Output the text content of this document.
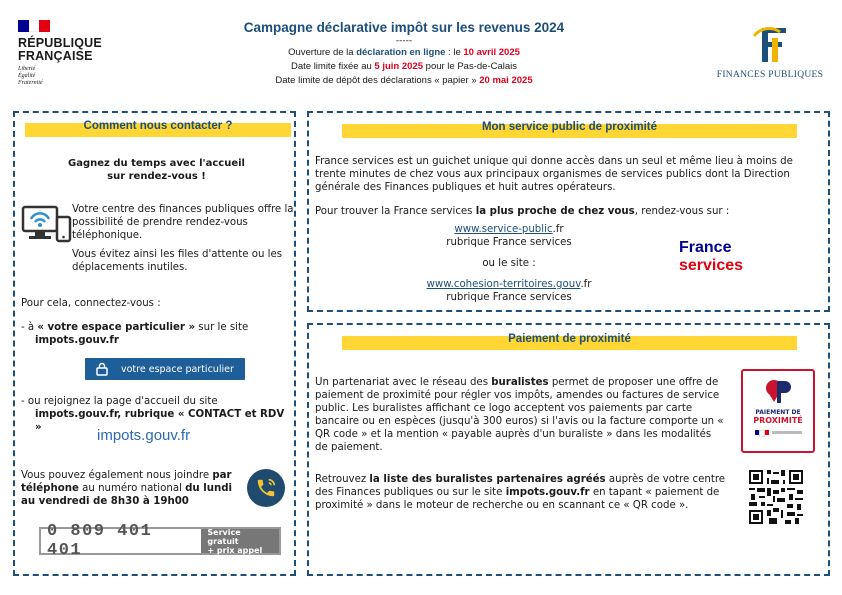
RÉPUBLIQUE
FRANÇAISE
Liberté
Égalité
Fraternité
Campagne déclarative impôt sur les revenus 2024
-----
Ouverture de la déclaration en ligne : le 10 avril 2025
Date limite fixée au 5 juin 2025 pour le Pas-de-Calais
Date limite de dépôt des déclarations « papier » 20 mai 2025	FINANCES PUBLIQUES
Comment nous contacter ?
Gagnez du temps avec l'accueil
sur rendez-vous !
Votre centre des finances publiques offre la possibilité de prendre rendez-vous téléphonique.
Vous évitez ainsi les files d'attente ou les déplacements inutiles.
Pour cela, connectez-vous :
- à « votre espace particulier » sur le site
impots.gouv.fr
votre espace particulier
- ou rejoignez la page d'accueil du site
impots.gouv.fr, rubrique « CONTACT et RDV »	impots.gouv.fr
Vous pouvez également nous joindre par téléphone au numéro national du lundi au vendredi de 8h30 à 19h00
0 809 401 401
Service gratuit
+ prix appel
Mon service public de proximité
France services est un guichet unique qui donne accès dans un seul et même lieu à moins de trente minutes de chez vous aux principaux organismes de services publics dont la Direction générale des Finances publiques et huit autres opérateurs.
Pour trouver la France services la plus proche de chez vous, rendez-vous sur :
www.service-public.fr
rubrique France services
ou le site :
www.cohesion-territoires.gouv.fr
rubrique France services
France
services
Paiement de proximité
Un partenariat avec le réseau des buralistes permet de proposer une offre de paiement de proximité pour régler vos impôts, amendes ou factures de service public. Les buralistes affichant ce logo acceptent vos paiements par carte bancaire ou en espèces (jusqu'à 300 euros) si l'avis ou la facture comporte un « QR code » et la mention « payable auprès d'un buraliste » dans les modalités de paiement.
Retrouvez la liste des buralistes partenaires agréés auprès de votre centre des Finances publiques ou sur le site impots.gouv.fr en tapant « paiement de proximité » dans le moteur de recherche ou en scannant ce « QR code ».
PAIEMENT DE
PROXIMITÉ
